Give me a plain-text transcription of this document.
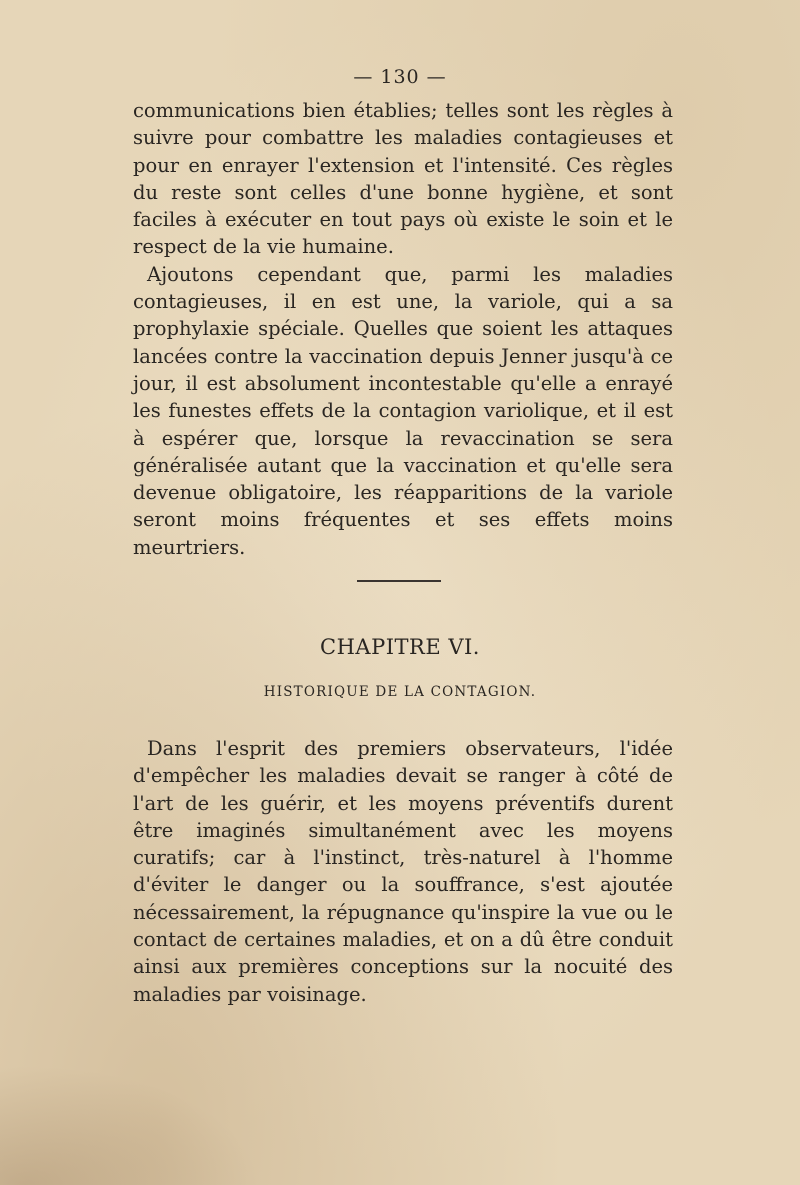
— 130 —

communications bien établies; telles sont les règles à suivre pour combattre les maladies contagieuses et pour en enrayer l'extension et l'intensité. Ces règles du reste sont celles d'une bonne hygiène, et sont faciles à exécuter en tout pays où existe le soin et le respect de la vie humaine.

Ajoutons cependant que, parmi les maladies contagieuses, il en est une, la variole, qui a sa prophylaxie spéciale. Quelles que soient les attaques lancées contre la vaccination depuis Jenner jusqu'à ce jour, il est absolument incontestable qu'elle a enrayé les funestes effets de la contagion variolique, et il est à espérer que, lorsque la revaccination se sera généralisée autant que la vaccination et qu'elle sera devenue obligatoire, les réapparitions de la variole seront moins fréquentes et ses effets moins meurtriers.

CHAPITRE VI.
HISTORIQUE DE LA CONTAGION.

Dans l'esprit des premiers observateurs, l'idée d'empêcher les maladies devait se ranger à côté de l'art de les guérir, et les moyens préventifs durent être imaginés simultanément avec les moyens curatifs; car à l'instinct, très-naturel à l'homme d'éviter le danger ou la souffrance, s'est ajoutée nécessairement, la répugnance qu'inspire la vue ou le contact de certaines maladies, et on a dû être conduit ainsi aux premières conceptions sur la nocuité des maladies par voisinage.
